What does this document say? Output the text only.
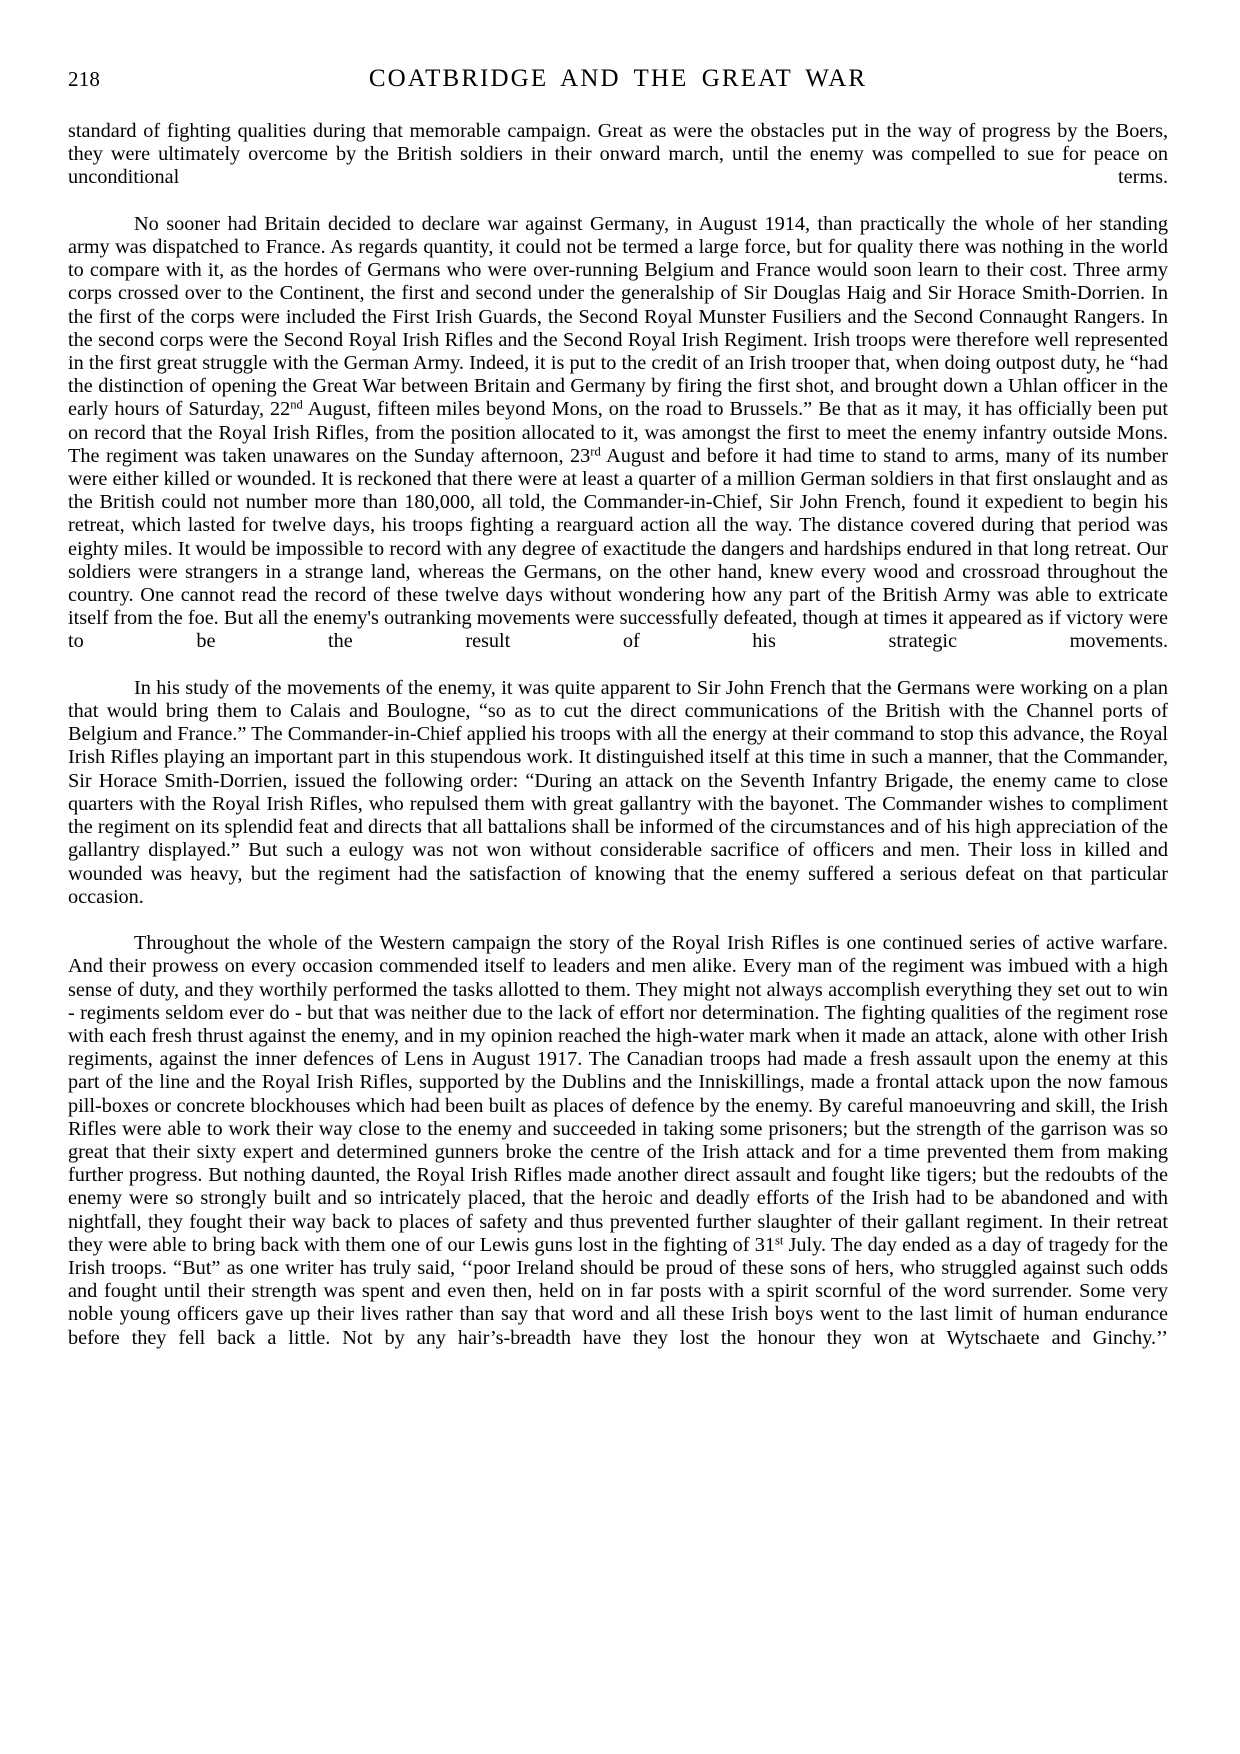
218	COATBRIDGE AND THE GREAT WAR

standard of fighting qualities during that memorable campaign. Great as were the obstacles put in the way of progress by the Boers, they were ultimately overcome by the British soldiers in their onward march, until the enemy was compelled to sue for peace on unconditional terms.

No sooner had Britain decided to declare war against Germany, in August 1914, than practically the whole of her standing army was dispatched to France. As regards quantity, it could not be termed a large force, but for quality there was nothing in the world to compare with it, as the hordes of Germans who were over-running Belgium and France would soon learn to their cost. Three army corps crossed over to the Continent, the first and second under the generalship of Sir Douglas Haig and Sir Horace Smith-Dorrien. In the first of the corps were included the First Irish Guards, the Second Royal Munster Fusiliers and the Second Connaught Rangers. In the second corps were the Second Royal Irish Rifles and the Second Royal Irish Regiment. Irish troops were therefore well represented in the first great struggle with the German Army. Indeed, it is put to the credit of an Irish trooper that, when doing outpost duty, he “had the distinction of opening the Great War between Britain and Germany by firing the first shot, and brought down a Uhlan officer in the early hours of Saturday, 22nd August, fifteen miles beyond Mons, on the road to Brussels.” Be that as it may, it has officially been put on record that the Royal Irish Rifles, from the position allocated to it, was amongst the first to meet the enemy infantry outside Mons. The regiment was taken unawares on the Sunday afternoon, 23rd August and before it had time to stand to arms, many of its number were either killed or wounded. It is reckoned that there were at least a quarter of a million German soldiers in that first onslaught and as the British could not number more than 180,000, all told, the Commander-in-Chief, Sir John French, found it expedient to begin his retreat, which lasted for twelve days, his troops fighting a rearguard action all the way. The distance covered during that period was eighty miles. It would be impossible to record with any degree of exactitude the dangers and hardships endured in that long retreat. Our soldiers were strangers in a strange land, whereas the Germans, on the other hand, knew every wood and crossroad throughout the country. One cannot read the record of these twelve days without wondering how any part of the British Army was able to extricate itself from the foe. But all the enemy's outranking movements were successfully defeated, though at times it appeared as if victory were to be the result of his strategic movements.

In his study of the movements of the enemy, it was quite apparent to Sir John French that the Germans were working on a plan that would bring them to Calais and Boulogne, “so as to cut the direct communications of the British with the Channel ports of Belgium and France.” The Commander-in-Chief applied his troops with all the energy at their command to stop this advance, the Royal Irish Rifles playing an important part in this stupendous work. It distinguished itself at this time in such a manner, that the Commander, Sir Horace Smith-Dorrien, issued the following order: “During an attack on the Seventh Infantry Brigade, the enemy came to close quarters with the Royal Irish Rifles, who repulsed them with great gallantry with the bayonet. The Commander wishes to compliment the regiment on its splendid feat and directs that all battalions shall be informed of the circumstances and of his high appreciation of the gallantry displayed.” But such a eulogy was not won without considerable sacrifice of officers and men. Their loss in killed and wounded was heavy, but the regiment had the satisfaction of knowing that the enemy suffered a serious defeat on that particular occasion.

Throughout the whole of the Western campaign the story of the Royal Irish Rifles is one continued series of active warfare. And their prowess on every occasion commended itself to leaders and men alike. Every man of the regiment was imbued with a high sense of duty, and they worthily performed the tasks allotted to them. They might not always accomplish everything they set out to win - regiments seldom ever do - but that was neither due to the lack of effort nor determination. The fighting qualities of the regiment rose with each fresh thrust against the enemy, and in my opinion reached the high-water mark when it made an attack, alone with other Irish regiments, against the inner defences of Lens in August 1917. The Canadian troops had made a fresh assault upon the enemy at this part of the line and the Royal Irish Rifles, supported by the Dublins and the Inniskillings, made a frontal attack upon the now famous pill-boxes or concrete blockhouses which had been built as places of defence by the enemy. By careful manoeuvring and skill, the Irish Rifles were able to work their way close to the enemy and succeeded in taking some prisoners; but the strength of the garrison was so great that their sixty expert and determined gunners broke the centre of the Irish attack and for a time prevented them from making further progress. But nothing daunted, the Royal Irish Rifles made another direct assault and fought like tigers; but the redoubts of the enemy were so strongly built and so intricately placed, that the heroic and deadly efforts of the Irish had to be abandoned and with nightfall, they fought their way back to places of safety and thus prevented further slaughter of their gallant regiment. In their retreat they were able to bring back with them one of our Lewis guns lost in the fighting of 31st July. The day ended as a day of tragedy for the Irish troops. “But” as one writer has truly said, ‘‘poor Ireland should be proud of these sons of hers, who struggled against such odds and fought until their strength was spent and even then, held on in far posts with a spirit scornful of the word surrender. Some very noble young officers gave up their lives rather than say that word and all these Irish boys went to the last limit of human endurance before they fell back a little. Not by any hair’s-breadth have they lost the honour they won at Wytschaete and Ginchy.’’
